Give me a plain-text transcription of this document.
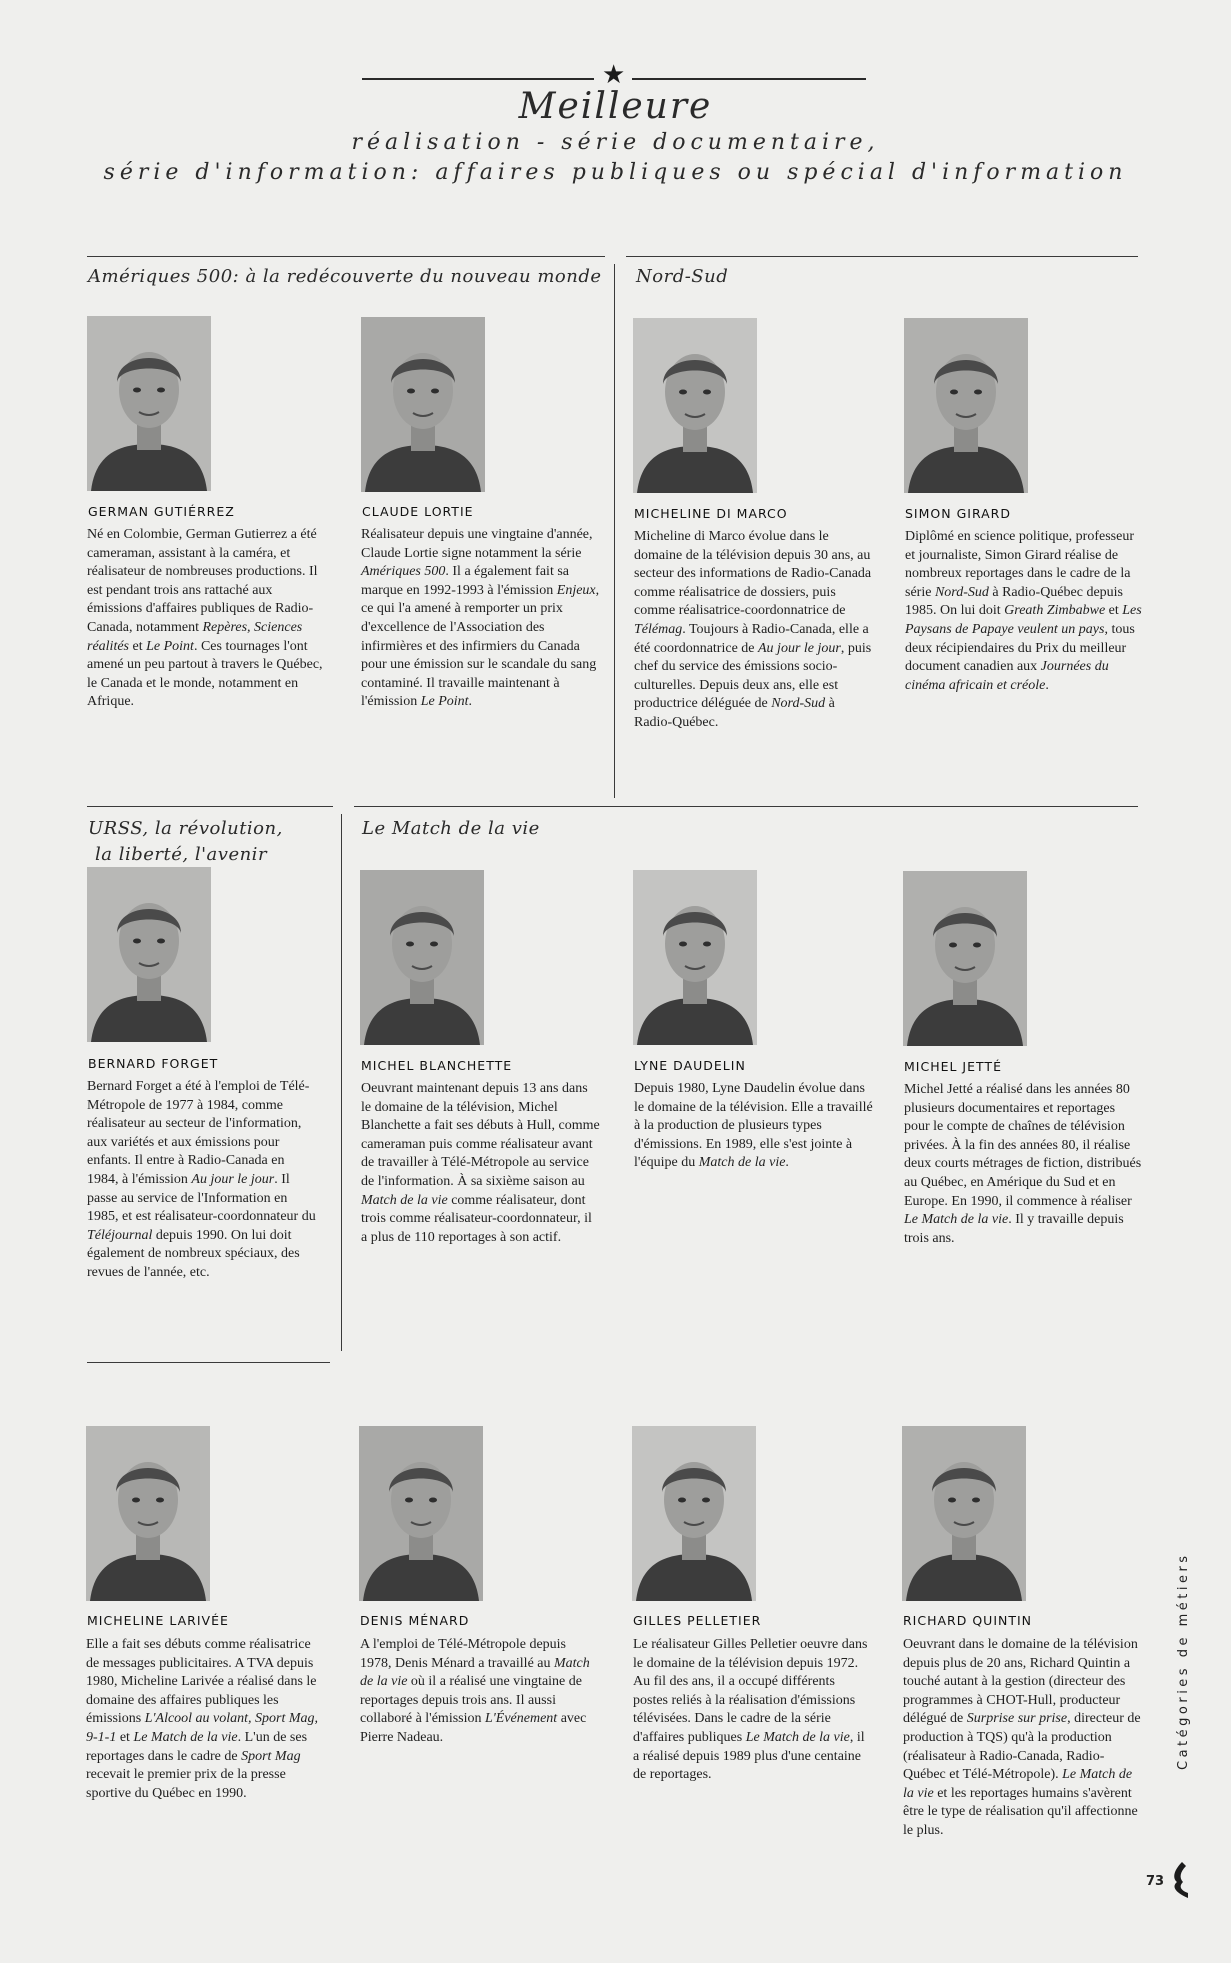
★
Meilleure
réalisation - série documentaire,
série d'information: affaires publiques ou spécial d'information
Amériques 500: à la redécouverte du nouveau monde Nord-Sud
URSS, la révolution,
la liberté, l'avenir
Le Match de la vie
GERMAN GUTIÉRREZ
Né en Colombie, German Gutierrez a été cameraman, assistant à la caméra, et réalisateur de nombreuses productions. Il est pendant trois ans rattaché aux émissions d'affaires publiques de Radio-Canada, notamment Repères, Sciences réalités et Le Point. Ces tournages l'ont amené un peu partout à travers le Québec, le Canada et le monde, notamment en Afrique.
CLAUDE LORTIE
Réalisateur depuis une vingtaine d'année, Claude Lortie signe notamment la série Amériques 500. Il a également fait sa marque en 1992-1993 à l'émission Enjeux, ce qui l'a amené à remporter un prix d'excellence de l'Association des infirmières et des infirmiers du Canada pour une émission sur le scandale du sang contaminé. Il travaille maintenant à l'émission Le Point.
MICHELINE DI MARCO
Micheline di Marco évolue dans le domaine de la télévision depuis 30 ans, au secteur des informations de Radio-Canada comme réalisatrice de dossiers, puis comme réalisatrice-coordonnatrice de Télémag. Toujours à Radio-Canada, elle a été coordonnatrice de Au jour le jour, puis chef du service des émissions socio-culturelles. Depuis deux ans, elle est productrice déléguée de Nord-Sud à Radio-Québec.
SIMON GIRARD
Diplômé en science politique, professeur et journaliste, Simon Girard réalise de nombreux reportages dans le cadre de la série Nord-Sud à Radio-Québec depuis 1985. On lui doit Greath Zimbabwe et Les Paysans de Papaye veulent un pays, tous deux récipiendaires du Prix du meilleur document canadien aux Journées du cinéma africain et créole.
BERNARD FORGET
Bernard Forget a été à l'emploi de Télé-Métropole de 1977 à 1984, comme réalisateur au secteur de l'information, aux variétés et aux émissions pour enfants. Il entre à Radio-Canada en 1984, à l'émission Au jour le jour. Il passe au service de l'Information en 1985, et est réalisateur-coordonnateur du Téléjournal depuis 1990. On lui doit également de nombreux spéciaux, des revues de l'année, etc.
MICHEL BLANCHETTE
Oeuvrant maintenant depuis 13 ans dans le domaine de la télévision, Michel Blanchette a fait ses débuts à Hull, comme cameraman puis comme réalisateur avant de travailler à Télé-Métropole au service de l'information. À sa sixième saison au Match de la vie comme réalisateur, dont trois comme réalisateur-coordonnateur, il a plus de 110 reportages à son actif.
LYNE DAUDELIN
Depuis 1980, Lyne Daudelin évolue dans le domaine de la télévision. Elle a travaillé à la production de plusieurs types d'émissions. En 1989, elle s'est jointe à l'équipe du Match de la vie.
MICHEL JETTÉ
Michel Jetté a réalisé dans les années 80 plusieurs documentaires et reportages pour le compte de chaînes de télévision privées. À la fin des années 80, il réalise deux courts métrages de fiction, distribués au Québec, en Amérique du Sud et en Europe. En 1990, il commence à réaliser Le Match de la vie. Il y travaille depuis trois ans.
MICHELINE LARIVÉE
Elle a fait ses débuts comme réalisatrice de messages publicitaires. A TVA depuis 1980, Micheline Larivée a réalisé dans le domaine des affaires publiques les émissions L'Alcool au volant, Sport Mag, 9-1-1 et Le Match de la vie. L'un de ses reportages dans le cadre de Sport Mag recevait le premier prix de la presse sportive du Québec en 1990.
DENIS MÉNARD
A l'emploi de Télé-Métropole depuis 1978, Denis Ménard a travaillé au Match de la vie où il a réalisé une vingtaine de reportages depuis trois ans. Il aussi collaboré à l'émission L'Événement avec Pierre Nadeau.
GILLES PELLETIER
Le réalisateur Gilles Pelletier oeuvre dans le domaine de la télévision depuis 1972. Au fil des ans, il a occupé différents postes reliés à la réalisation d'émissions télévisées. Dans le cadre de la série d'affaires publiques Le Match de la vie, il a réalisé depuis 1989 plus d'une centaine de reportages.
RICHARD QUINTIN
Oeuvrant dans le domaine de la télévision depuis plus de 20 ans, Richard Quintin a touché autant à la gestion (directeur des programmes à CHOT-Hull, producteur délégué de Surprise sur prise, directeur de production à TQS) qu'à la production (réalisateur à Radio-Canada, Radio-Québec et Télé-Métropole). Le Match de la vie et les reportages humains s'avèrent être le type de réalisation qu'il affectionne le plus.
Catégories de métiers
73
